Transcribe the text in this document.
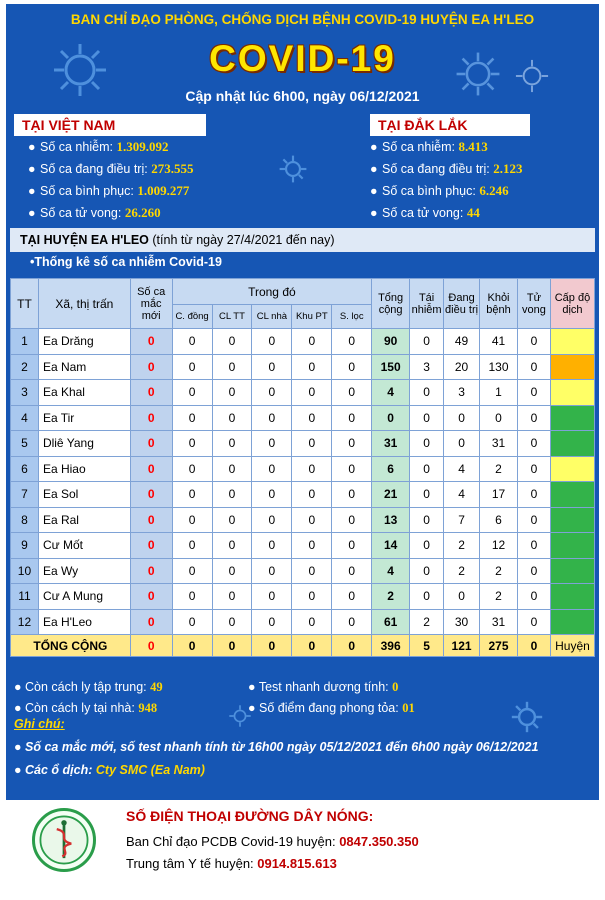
BAN CHỈ ĐẠO PHÒNG, CHỐNG DỊCH BỆNH COVID-19 HUYỆN EA H'LEO
COVID-19
Cập nhật lúc 6h00, ngày 06/12/2021
TẠI VIỆT NAM
● Số ca nhiễm: 1.309.092
● Số ca đang điều trị: 273.555
● Số ca bình phục: 1.009.277
● Số ca tử vong: 26.260
TẠI ĐẮK LẮK
● Số ca nhiễm: 8.413
● Số ca đang điều trị: 2.123
● Số ca bình phục: 6.246
● Số ca tử vong: 44
TẠI HUYỆN EA H'LEO (tính từ ngày 27/4/2021 đến nay)
•Thống kê số ca nhiễm Covid-19
TT	Xã, thị trấn	Số ca mắc mới	Trong đó					Tổng cộng	Tái nhiễm	Đang điều trị	Khỏi bệnh	Tử vong	Cấp độ dịch
			C. đồng	CL TT	CL nhà	Khu PT	S. lọc						
1	Ea Drăng	0	0	0	0	0	0	90	0	49	41	0	
2	Ea Nam	0	0	0	0	0	0	150	3	20	130	0	
3	Ea Khal	0	0	0	0	0	0	4	0	3	1	0	
4	Ea Tir	0	0	0	0	0	0	0	0	0	0	0	
5	Dliê Yang	0	0	0	0	0	0	31	0	0	31	0	
6	Ea Hiao	0	0	0	0	0	0	6	0	4	2	0	
7	Ea Sol	0	0	0	0	0	0	21	0	4	17	0	
8	Ea Ral	0	0	0	0	0	0	13	0	7	6	0	
9	Cư Mốt	0	0	0	0	0	0	14	0	2	12	0	
10	Ea Wy	0	0	0	0	0	0	4	0	2	2	0	
11	Cư A Mung	0	0	0	0	0	0	2	0	0	2	0	
12	Ea H'Leo	0	0	0	0	0	0	61	2	30	31	0	
TỔNG CỘNG		0	0	0	0	0	0	396	5	121	275	0	Huyện
● Còn cách ly tập trung: 49
● Còn cách ly tại nhà: 948
● Test nhanh dương tính: 0
● Số điểm đang phong tỏa: 01
Ghi chú:
● Số ca mắc mới, số test nhanh tính từ 16h00 ngày 05/12/2021 đến 6h00 ngày 06/12/2021
● Các ổ dịch: Cty SMC (Ea Nam)
SỐ ĐIỆN THOẠI ĐƯỜNG DÂY NÓNG:
Ban Chỉ đạo PCDB Covid-19 huyện: 0847.350.350
Trung tâm Y tế huyện: 0914.815.613
